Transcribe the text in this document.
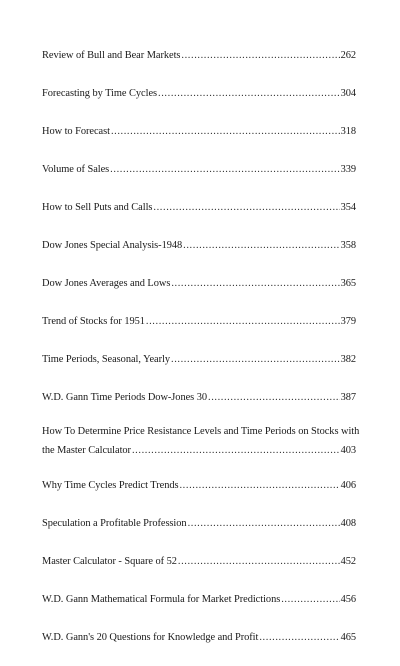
Review of Bull and Bear Markets .....	262
Forecasting by Time Cycles .....	304
How to Forecast .....	318
Volume of Sales .....	339
How to Sell Puts and Calls .....	354
Dow Jones Special Analysis-1948 .....	358
Dow Jones Averages and Lows .....	365
Trend of Stocks for 1951 .....	379
Time Periods, Seasonal, Yearly .....	382
W.D. Gann Time Periods Dow-Jones 30 .....	387
How To Determine Price Resistance Levels and Time Periods on Stocks with
the Master Calculator .....	403
Why Time Cycles Predict Trends .....	406
Speculation a Profitable Profession .....	408
Master Calculator - Square of 52 .....	452
W.D. Gann Mathematical Formula for Market Predictions .....	456
W.D. Gann's 20 Questions for Knowledge and Profit .....	465
